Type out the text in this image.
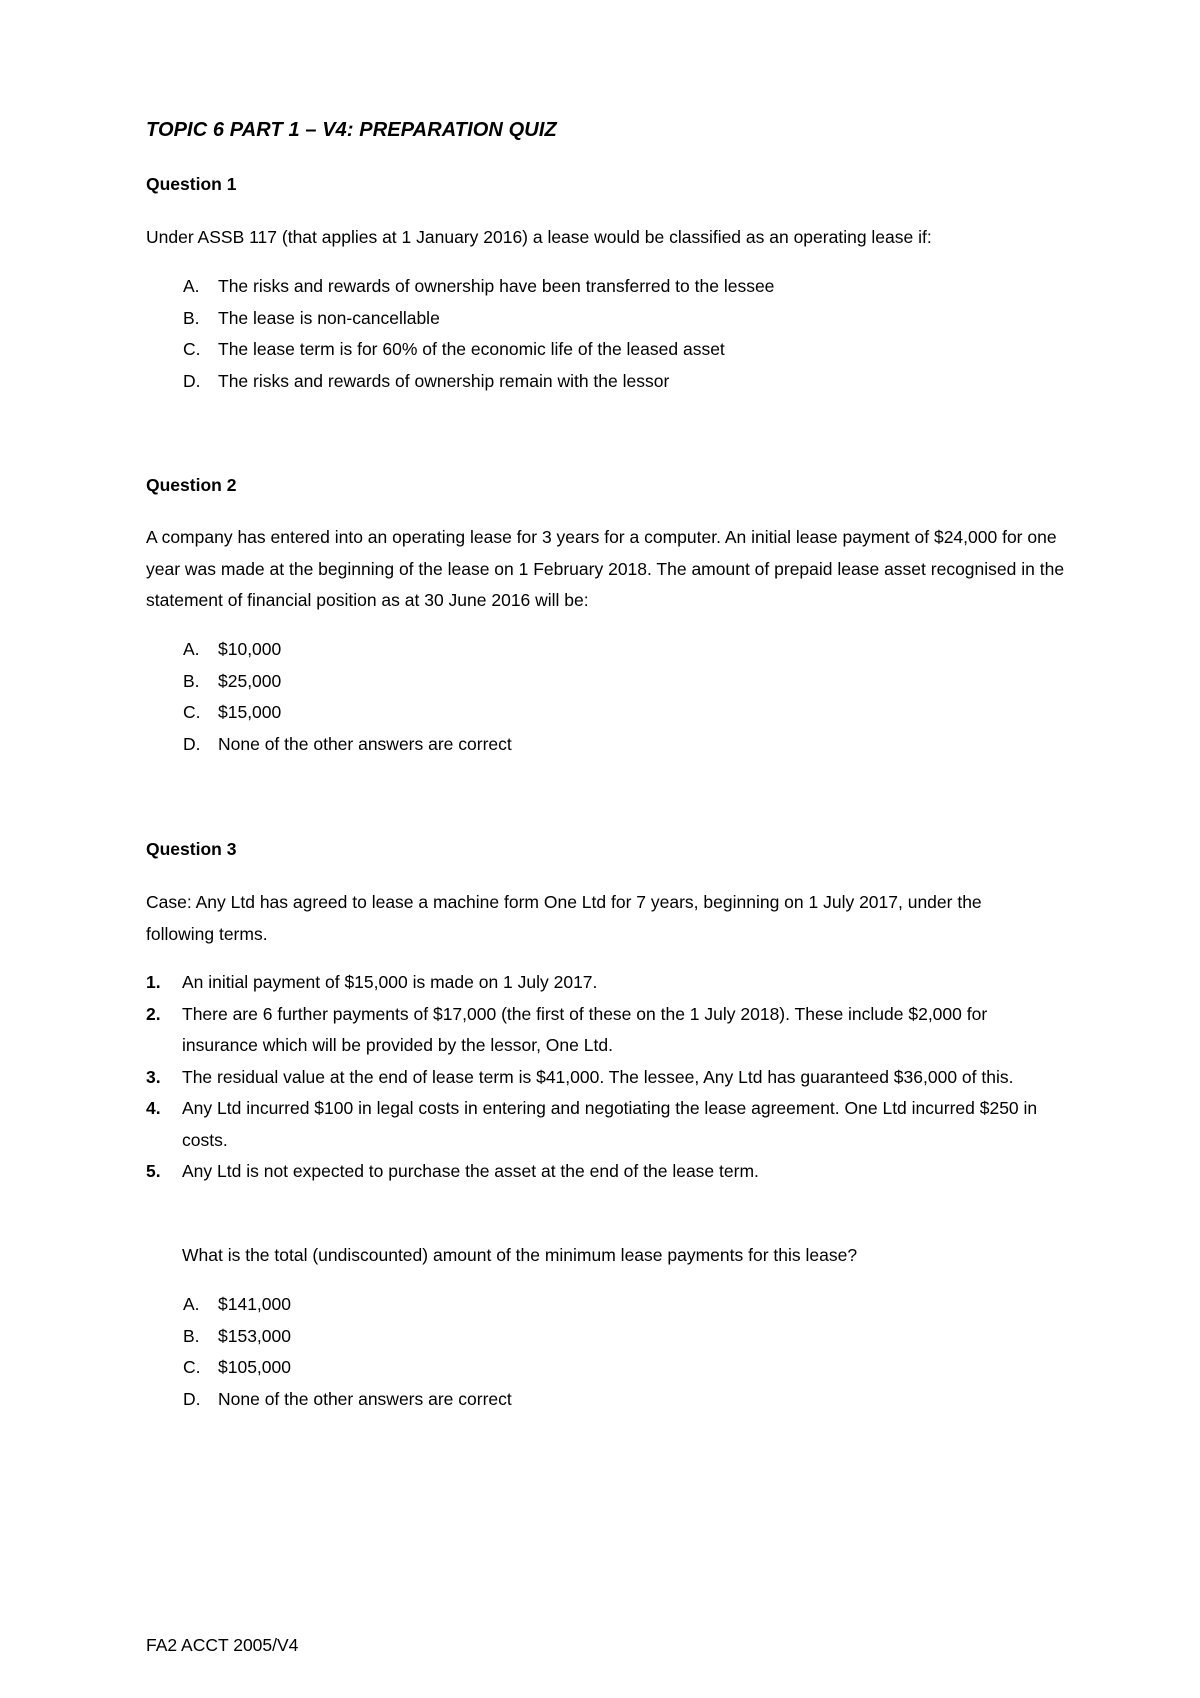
TOPIC 6 PART 1 – V4: PREPARATION QUIZ
Question 1
Under ASSB 117 (that applies at 1 January 2016) a lease would be classified as an operating lease if:
A. The risks and rewards of ownership have been transferred to the lessee
B. The lease is non-cancellable
C. The lease term is for 60% of the economic life of the leased asset
D. The risks and rewards of ownership remain with the lessor
Question 2
A company has entered into an operating lease for 3 years for a computer. An initial lease payment of $24,000 for one year was made at the beginning of the lease on 1 February 2018. The amount of prepaid lease asset recognised in the statement of financial position as at 30 June 2016 will be:
A. $10,000
B. $25,000
C. $15,000
D. None of the other answers are correct
Question 3
Case: Any Ltd has agreed to lease a machine form One Ltd for 7 years, beginning on 1 July 2017, under the following terms.
1. An initial payment of $15,000 is made on 1 July 2017.
2. There are 6 further payments of $17,000 (the first of these on the 1 July 2018). These include $2,000 for insurance which will be provided by the lessor, One Ltd.
3. The residual value at the end of lease term is $41,000. The lessee, Any Ltd has guaranteed $36,000 of this.
4. Any Ltd incurred $100 in legal costs in entering and negotiating the lease agreement. One Ltd incurred $250 in costs.
5. Any Ltd is not expected to purchase the asset at the end of the lease term.
What is the total (undiscounted) amount of the minimum lease payments for this lease?
A. $141,000
B. $153,000
C. $105,000
D. None of the other answers are correct
FA2 ACCT 2005/V4
